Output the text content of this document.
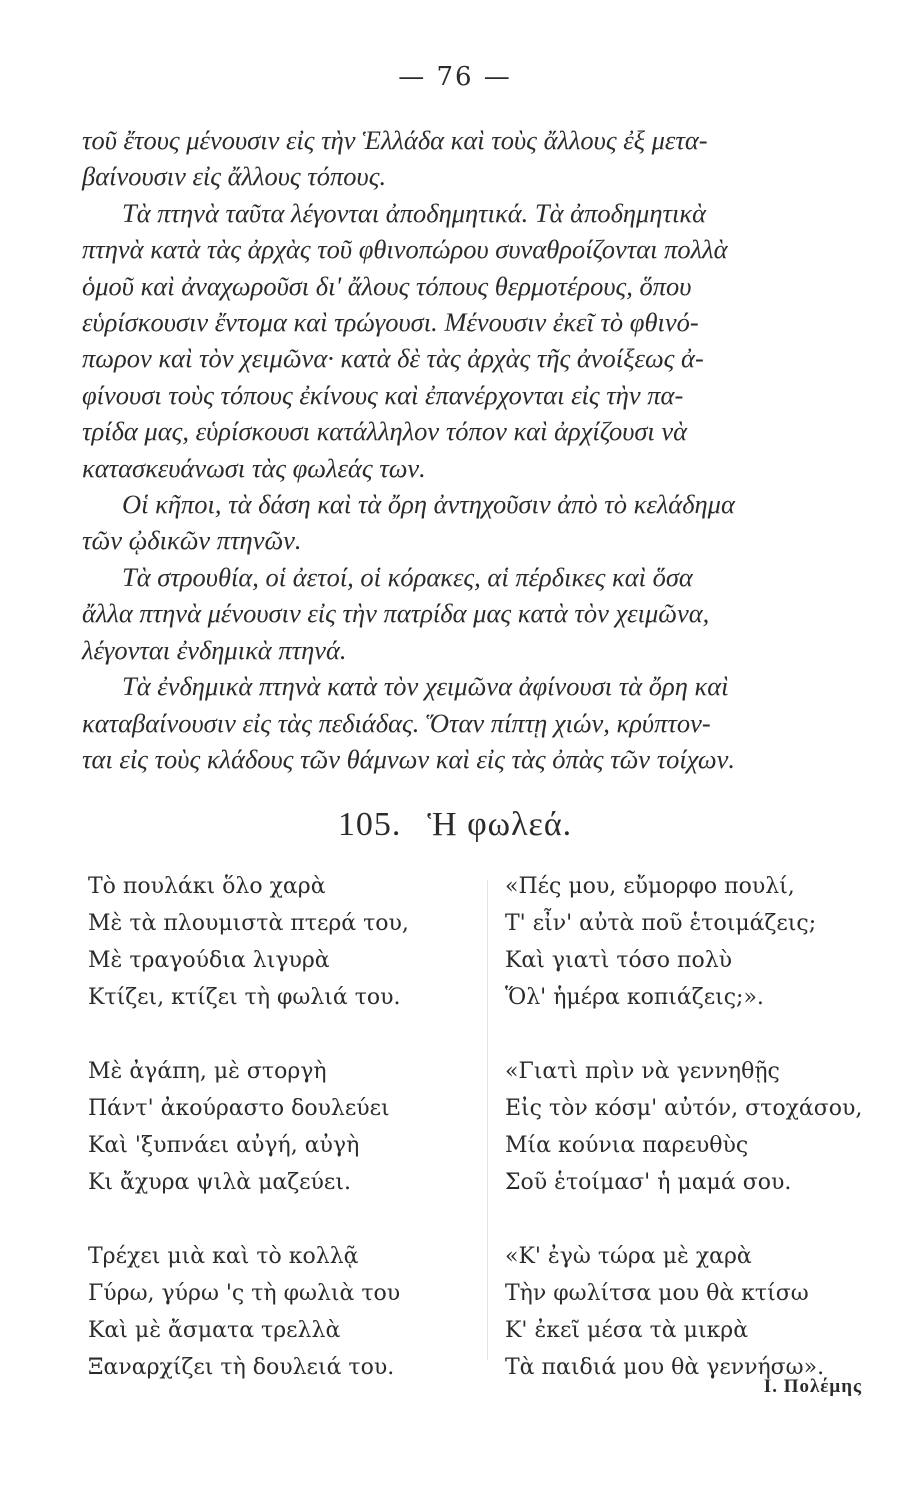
— 76 —
τοῦ ἔτους μένουσιν εἰς τὴν Ἑλλάδα καὶ τοὺς ἄλλους ἐξ μετα-
βαίνουσιν εἰς ἄλλους τόπους.
Τὰ πτηνὰ ταῦτα λέγονται ἀποδημητικά. Τὰ ἀποδημητικὰ
πτηνὰ κατὰ τὰς ἀρχὰς τοῦ φθινοπώρου συναθροίζονται πολλὰ
ὁμοῦ καὶ ἀναχωροῦσι δι' ἄλους τόπους θερμοτέρους, ὅπου
εὑρίσκουσιν ἔντομα καὶ τρώγουσι. Μένουσιν ἐκεῖ τὸ φθινό-
πωρον καὶ τὸν χειμῶνα· κατὰ δὲ τὰς ἀρχὰς τῆς ἀνοίξεως ἀ-
φίνουσι τοὺς τόπους ἐκίνους καὶ ἐπανέρχονται εἰς τὴν πα-
τρίδα μας, εὑρίσκουσι κατάλληλον τόπον καὶ ἀρχίζουσι νὰ
κατασκευάνωσι τὰς φωλεάς των.
Οἱ κῆποι, τὰ δάση καὶ τὰ ὄρη ἀντηχοῦσιν ἀπὸ τὸ κελάδημα
τῶν ᾠδικῶν πτηνῶν.
Τὰ στρουθία, οἱ ἀετοί, οἱ κόρακες, αἱ πέρδικες καὶ ὅσα
ἄλλα πτηνὰ μένουσιν εἰς τὴν πατρίδα μας κατὰ τὸν χειμῶνα,
λέγονται ἐνδημικὰ πτηνά.
Τὰ ἐνδημικὰ πτηνὰ κατὰ τὸν χειμῶνα ἀφίνουσι τὰ ὄρη καὶ
καταβαίνουσιν εἰς τὰς πεδιάδας. Ὅταν πίπτῃ χιών, κρύπτον-
ται εἰς τοὺς κλάδους τῶν θάμνων καὶ εἰς τὰς ὀπὰς τῶν τοίχων.
105. Ἡ φωλεά.
Τὸ πουλάκι ὅλο χαρὰ
Μὲ τὰ πλουμιστὰ πτερά του,
Μὲ τραγούδια λιγυρὰ
Κτίζει, κτίζει τὴ φωλιά του.
Μὲ ἀγάπη, μὲ στοργὴ
Πάντ' ἀκούραστο δουλεύει
Καὶ 'ξυπνάει αὐγή, αὐγὴ
Κι ἄχυρα ψιλὰ μαζεύει.
Τρέχει μιὰ καὶ τὸ κολλᾷ
Γύρω, γύρω 'ς τὴ φωλιὰ του
Καὶ μὲ ἄσματα τρελλὰ
Ξαναρχίζει τὴ δουλειά του.
«Πές μου, εὔμορφο πουλί,
Τ' εἶν' αὐτὰ ποῦ ἑτοιμάζεις;
Καὶ γιατὶ τόσο πολὺ
Ὅλ' ἡμέρα κοπιάζεις;».
«Γιατὶ πρὶν νὰ γεννηθῇς
Εἰς τὸν κόσμ' αὐτόν, στοχάσου,
Μία κούνια παρευθὺς
Σοῦ ἑτοίμασ' ἡ μαμά σου.
«Κ' ἐγὼ τώρα μὲ χαρὰ
Τὴν φωλίτσα μου θὰ κτίσω
Κ' ἐκεῖ μέσα τὰ μικρὰ
Τὰ παιδιά μου θὰ γεννήσω».
Ι. Πολέμης
